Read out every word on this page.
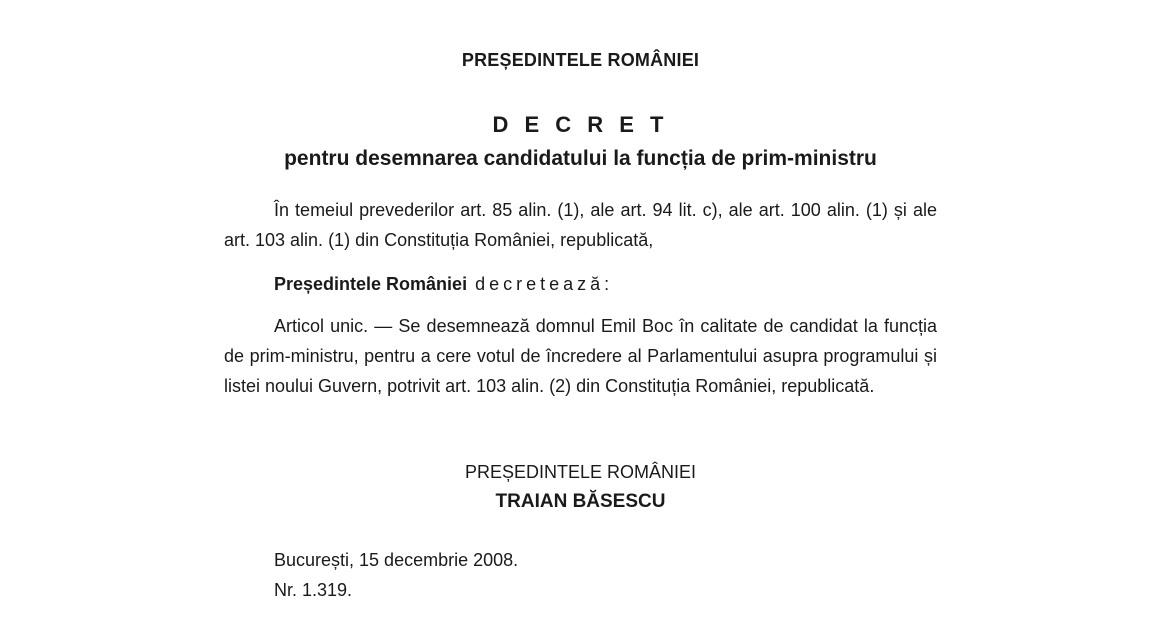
PREȘEDINTELE ROMÂNIEI
D E C R E T
pentru desemnarea candidatului la funcția de prim-ministru
În temeiul prevederilor art. 85 alin. (1), ale art. 94 lit. c), ale art. 100 alin. (1) și ale art. 103 alin. (1) din Constituția României, republicată,
Președintele României decretează:
Articol unic. — Se desemnează domnul Emil Boc în calitate de candidat la funcția de prim-ministru, pentru a cere votul de încredere al Parlamentului asupra programului și listei noului Guvern, potrivit art. 103 alin. (2) din Constituția României, republicată.
PREȘEDINTELE ROMÂNIEI
TRAIAN BĂSESCU
București, 15 decembrie 2008.
Nr. 1.319.
